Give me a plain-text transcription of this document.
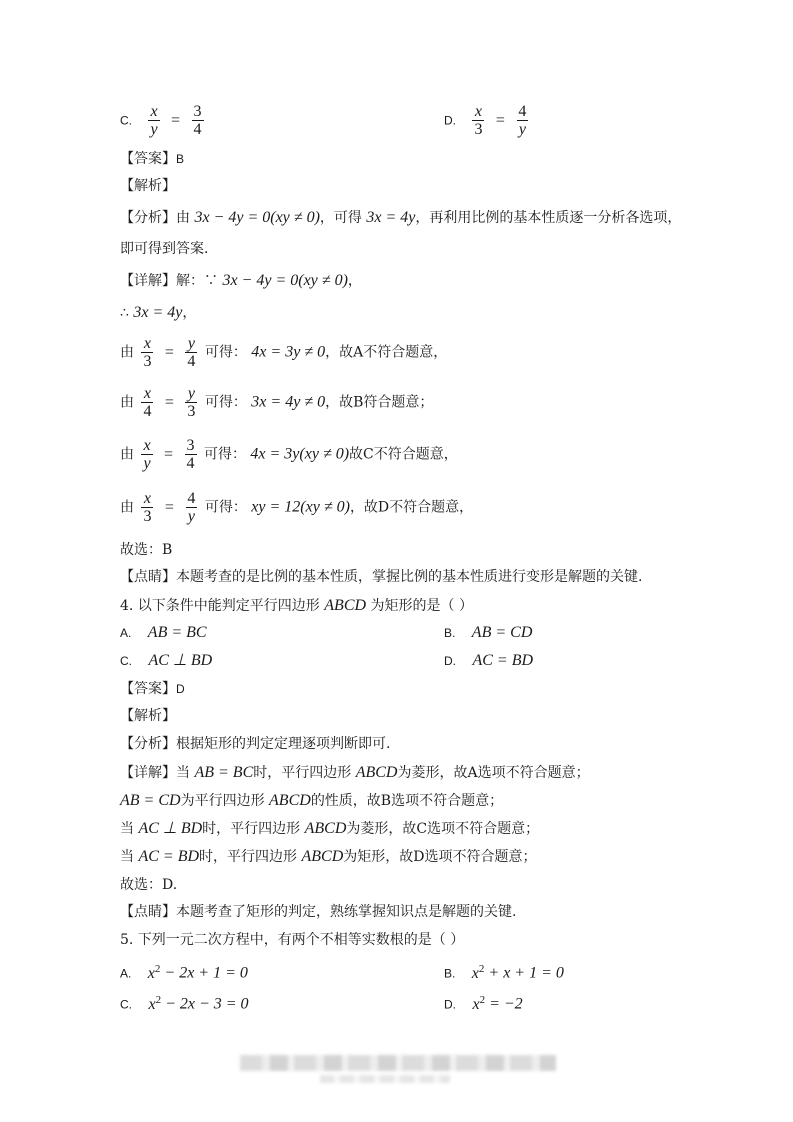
C. $\frac{x}{y} = \frac{3}{4}$	D. $\frac{x}{3} = \frac{4}{y}$
【答案】B
【解析】
【分析】由 3x − 4y = 0(xy ≠ 0)，可得 3x = 4y，再利用比例的基本性质逐一分析各选项，
即可得到答案.
【详解】解：∵ 3x − 4y = 0(xy ≠ 0)，
∴ 3x = 4y，
由 $\frac{x}{3} = \frac{y}{4}$ 可得： 4x = 3y ≠ 0，故A不符合题意，
由 $\frac{x}{4} = \frac{y}{3}$ 可得： 3x = 4y ≠ 0，故B符合题意；
由 $\frac{x}{y} = \frac{3}{4}$ 可得： 4x = 3y(xy ≠ 0)故C不符合题意，
由 $\frac{x}{3} = \frac{4}{y}$ 可得： xy = 12(xy ≠ 0)，故D不符合题意，
故选：B
【点睛】本题考查的是比例的基本性质，掌握比例的基本性质进行变形是解题的关键.
4. 以下条件中能判定平行四边形 ABCD 为矩形的是（ ）
A. AB = BC	B. AB = CD
C. AC ⊥ BD	D. AC = BD
【答案】D
【解析】
【分析】根据矩形的判定定理逐项判断即可.
【详解】当 AB = BC时，平行四边形 ABCD为菱形，故A选项不符合题意；
AB = CD为平行四边形 ABCD的性质，故B选项不符合题意；
当 AC ⊥ BD时，平行四边形 ABCD为菱形，故C选项不符合题意；
当 AC = BD时，平行四边形 ABCD为矩形，故D选项不符合题意；
故选：D.
【点睛】本题考查了矩形的判定，熟练掌握知识点是解题的关键.
5. 下列一元二次方程中，有两个不相等实数根的是（ ）
A. $x^2 - 2x + 1 = 0$	B. $x^2 + x + 1 = 0$
C. $x^2 - 2x - 3 = 0$	D. $x^2 = -2$
